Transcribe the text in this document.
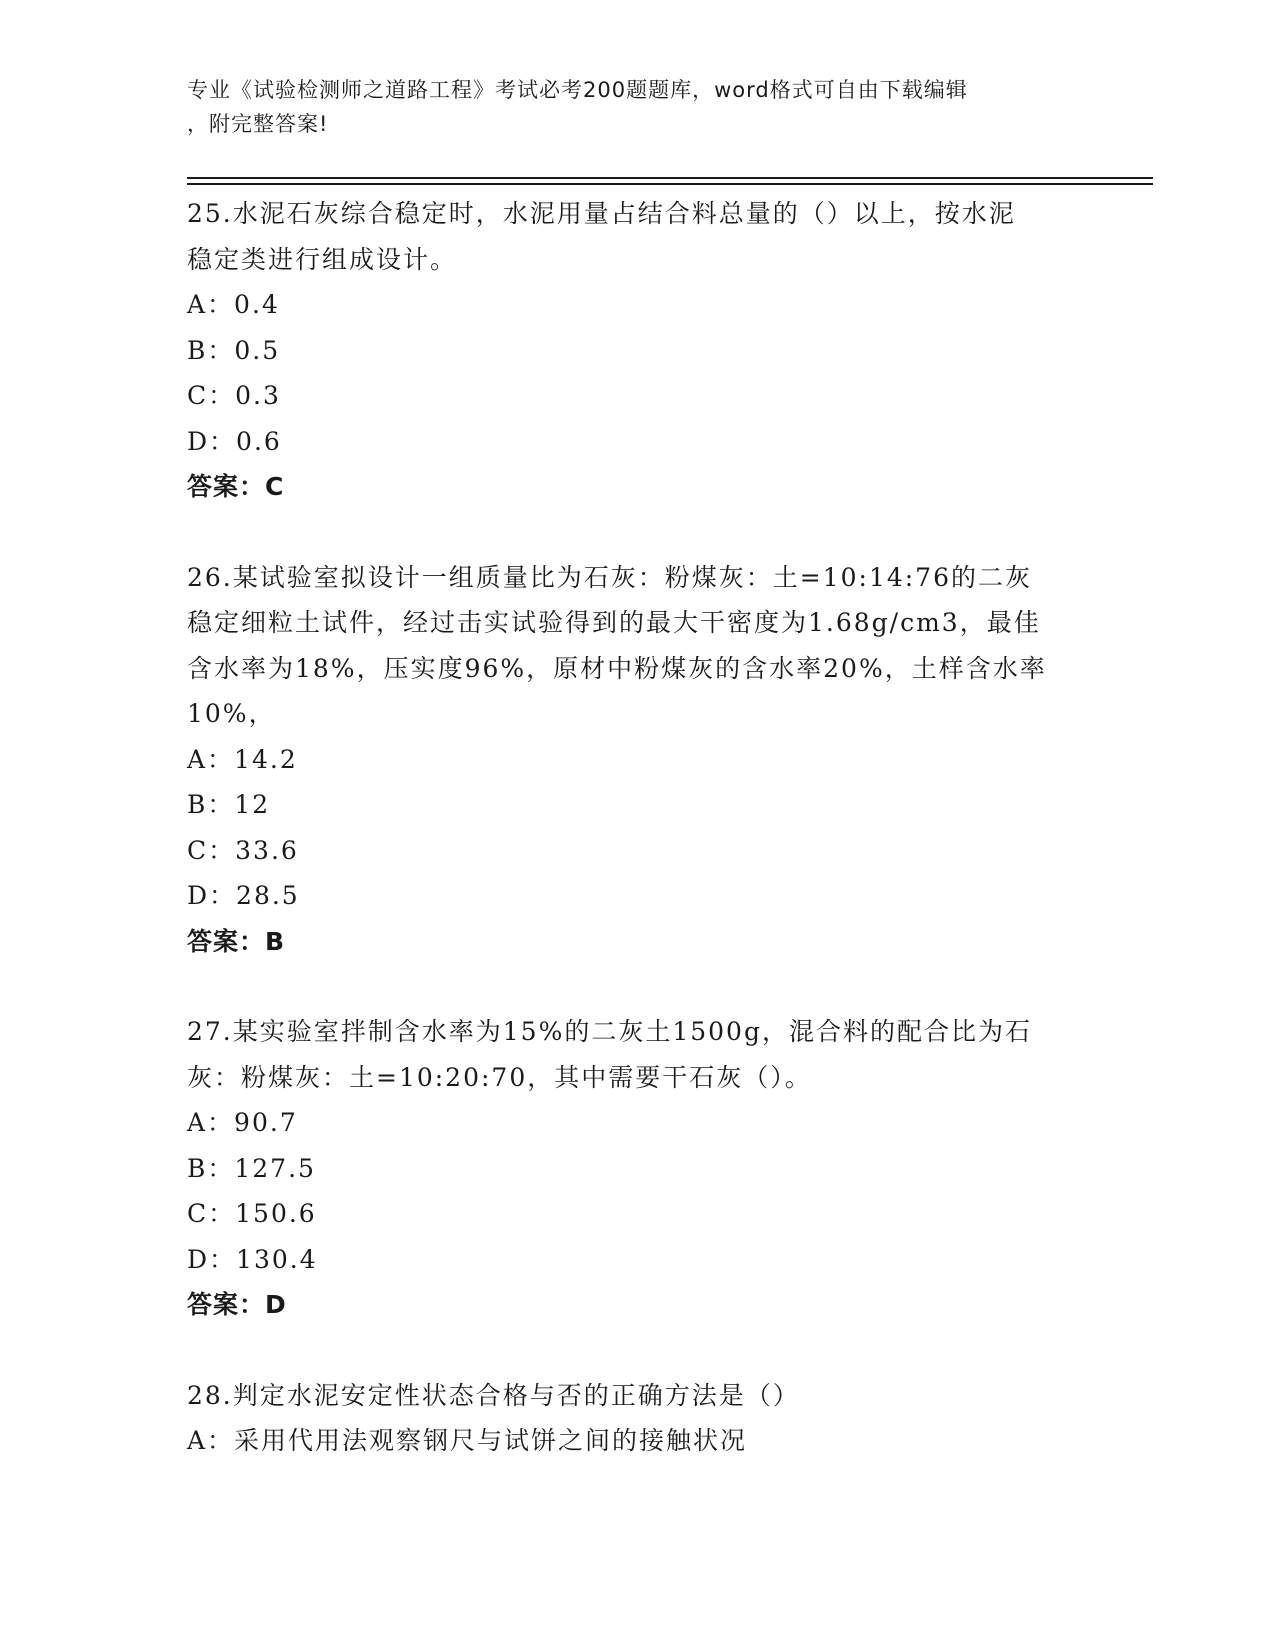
专业《试验检测师之道路工程》考试必考200题题库，word格式可自由下载编辑
，附完整答案!

25.水泥石灰综合稳定时，水泥用量占结合料总量的（）以上，按水泥

稳定类进行组成设计。

A：0.4

B：0.5

C：0.3

D：0.6

答案：C

26.某试验室拟设计一组质量比为石灰：粉煤灰：土=10:14:76的二灰

稳定细粒土试件，经过击实试验得到的最大干密度为1.68g/cm3，最佳

含水率为18%，压实度96%，原材中粉煤灰的含水率20%，土样含水率

10%，

A：14.2

B：12

C：33.6

D：28.5

答案：B

27.某实验室拌制含水率为15%的二灰土1500g，混合料的配合比为石

灰：粉煤灰：土=10:20:70，其中需要干石灰（）。

A：90.7

B：127.5

C：150.6

D：130.4

答案：D

28.判定水泥安定性状态合格与否的正确方法是（）

A：采用代用法观察钢尺与试饼之间的接触状况
